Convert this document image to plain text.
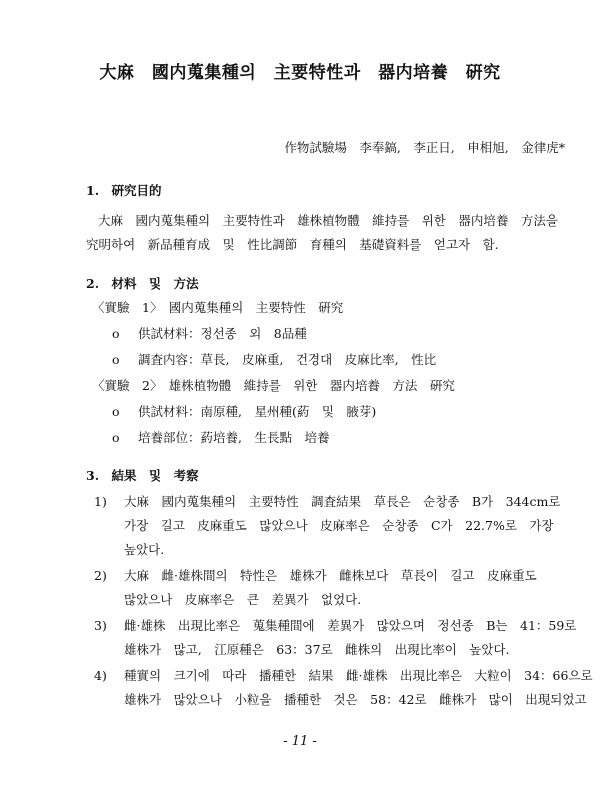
大麻　國内蒐集種의　主要特性과　器内培養　硏究
作物試驗場　李奉鎬,　李正日,　申相旭,　金律虎*
1.　硏究目的
大麻　國内蒐集種의　主要特性과　雄株植物體　維持를　위한　器内培養　方法을
究明하여　新品種育成　및　性比調節　育種의　基礎資料를　얻고자　함.
2.　材料　및　方法
〈實驗　1〉　國内蒐集種의　主要特性　硏究
o 供試材料：정선종　외　8品種
o 調査内容：草長,　皮麻重,　건경대　皮麻比率,　性比
〈實驗　2〉　雄株植物體　維持를　위한　器内培養　方法　硏究
o 供試材料：南原種,　星州種(葯　및　腋芽)
o 培養部位：葯培養,　生長點　培養
3.　結果　및　考察
1) 大麻　國内蒐集種의　主要特性　調査結果　草長은　순창종　B가　344cm로
가장　길고　皮麻重도　많았으나　皮麻率은　순창종　C가　22.7%로　가장
높았다.
2) 大麻　雌·雄株間의　特性은　雄株가　雌株보다　草長이　길고　皮麻重도
많았으나　皮麻率은　큰　差異가　없었다.
3) 雌·雄株　出現比率은　蒐集種間에　差異가　많았으며　정선종　B는　41：59로
雄株가　많고,　江原種은　63：37로　雌株의　出現比率이　높았다.
4) 種實의　크기에　따라　播種한　結果　雌·雄株　出現比率은　大粒이　34：66으로
雄株가　많았으나　小粒을　播種한　것은　58：42로　雌株가　많이　出現되었고
- 11 -
